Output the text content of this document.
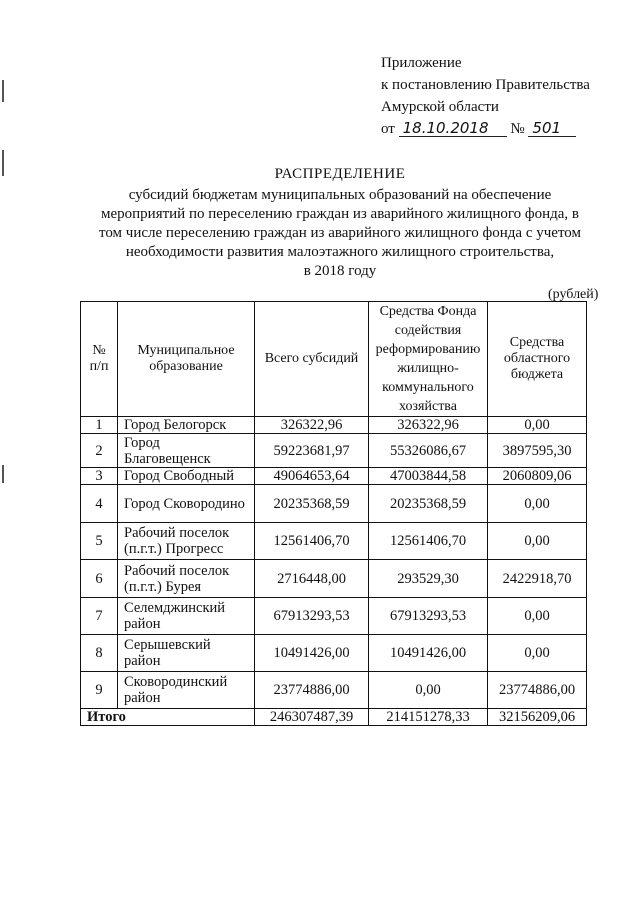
Приложение
к постановлению Правительства
Амурской области
от 18.10.2018 № 501
РАСПРЕДЕЛЕНИЕ
субсидий бюджетам муниципальных образований на обеспечение
мероприятий по переселению граждан из аварийного жилищного фонда, в
том числе переселению граждан из аварийного жилищного фонда с учетом
необходимости развития малоэтажного жилищного строительства,
в 2018 году
(рублей)
№ п/п	Муниципальное образование	Всего субсидий	Средства Фонда содействия реформированию жилищно-коммунального хозяйства	Средства областного бюджета
1	Город Белогорск	326322,96	326322,96	0,00
2	Город Благовещенск	59223681,97	55326086,67	3897595,30
3	Город Свободный	49064653,64	47003844,58	2060809,06
4	Город Сковородино	20235368,59	20235368,59	0,00
5	Рабочий поселок (п.г.т.) Прогресс	12561406,70	12561406,70	0,00
6	Рабочий поселок (п.г.т.) Бурея	2716448,00	293529,30	2422918,70
7	Селемджинский район	67913293,53	67913293,53	0,00
8	Серышевский район	10491426,00	10491426,00	0,00
9	Сковородинский район	23774886,00	0,00	23774886,00
Итого		246307487,39	214151278,33	32156209,06
